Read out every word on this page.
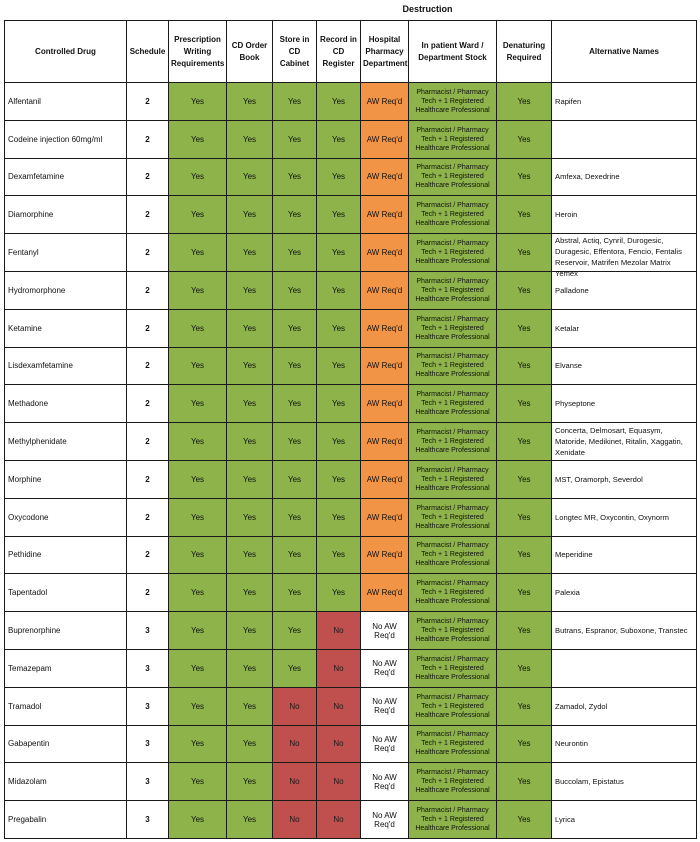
Destruction
Controlled Drug	Schedule	Prescription Writing Requirements	CD Order Book	Store in CD Cabinet	Record in CD Register	Hospital Pharmacy Department	In patient Ward / Department Stock	Denaturing Required	Alternative Names
Alfentanil	2	Yes	Yes	Yes	Yes	AW Req'd	Pharmacist / Pharmacy Tech + 1 Registered Healthcare Professional	Yes	Rapifen

Codeine injection 60mg/ml	2	Yes	Yes	Yes	Yes	AW Req'd	Pharmacist / Pharmacy Tech + 1 Registered Healthcare Professional	Yes	

Dexamfetamine	2	Yes	Yes	Yes	Yes	AW Req'd	Pharmacist / Pharmacy Tech + 1 Registered Healthcare Professional	Yes	Amfexa, Dexedrine

Diamorphine	2	Yes	Yes	Yes	Yes	AW Req'd	Pharmacist / Pharmacy Tech + 1 Registered Healthcare Professional	Yes	Heroin

Fentanyl	2	Yes	Yes	Yes	Yes	AW Req'd	Pharmacist / Pharmacy Tech + 1 Registered Healthcare Professional	Yes	Abstral, Actiq, Cynril, Durogesic, Duragesic, Effentora, Fencio, Fentalis Reservoir, Matrifen Mezolar Matrix Yemex

Hydromorphone	2	Yes	Yes	Yes	Yes	AW Req'd	Pharmacist / Pharmacy Tech + 1 Registered Healthcare Professional	Yes	Palladone

Ketamine	2	Yes	Yes	Yes	Yes	AW Req'd	Pharmacist / Pharmacy Tech + 1 Registered Healthcare Professional	Yes	Ketalar

Lisdexamfetamine	2	Yes	Yes	Yes	Yes	AW Req'd	Pharmacist / Pharmacy Tech + 1 Registered Healthcare Professional	Yes	Elvanse

Methadone	2	Yes	Yes	Yes	Yes	AW Req'd	Pharmacist / Pharmacy Tech + 1 Registered Healthcare Professional	Yes	Physeptone

Methylphenidate	2	Yes	Yes	Yes	Yes	AW Req'd	Pharmacist / Pharmacy Tech + 1 Registered Healthcare Professional	Yes	Concerta, Delmosart, Equasym, Matoride, Medikinet, Ritalin, Xaggatin, Xenidate

Morphine	2	Yes	Yes	Yes	Yes	AW Req'd	Pharmacist / Pharmacy Tech + 1 Registered Healthcare Professional	Yes	MST, Oramorph, Severdol

Oxycodone	2	Yes	Yes	Yes	Yes	AW Req'd	Pharmacist / Pharmacy Tech + 1 Registered Healthcare Professional	Yes	Longtec MR, Oxycontin, Oxynorm

Pethidine	2	Yes	Yes	Yes	Yes	AW Req'd	Pharmacist / Pharmacy Tech + 1 Registered Healthcare Professional	Yes	Meperidine

Tapentadol	2	Yes	Yes	Yes	Yes	AW Req'd	Pharmacist / Pharmacy Tech + 1 Registered Healthcare Professional	Yes	Palexia

Buprenorphine	3	Yes	Yes	Yes	No	No AW Req'd	Pharmacist / Pharmacy Tech + 1 Registered Healthcare Professional	Yes	Butrans, Espranor, Suboxone, Transtec

Temazepam	3	Yes	Yes	Yes	No	No AW Req'd	Pharmacist / Pharmacy Tech + 1 Registered Healthcare Professional	Yes	

Tramadol	3	Yes	Yes	No	No	No AW Req'd	Pharmacist / Pharmacy Tech + 1 Registered Healthcare Professional	Yes	Zamadol, Zydol

Gabapentin	3	Yes	Yes	No	No	No AW Req'd	Pharmacist / Pharmacy Tech + 1 Registered Healthcare Professional	Yes	Neurontin

Midazolam	3	Yes	Yes	No	No	No AW Req'd	Pharmacist / Pharmacy Tech + 1 Registered Healthcare Professional	Yes	Buccolam, Epistatus

Pregabalin	3	Yes	Yes	No	No	No AW Req'd	Pharmacist / Pharmacy Tech + 1 Registered Healthcare Professional	Yes	Lyrica
